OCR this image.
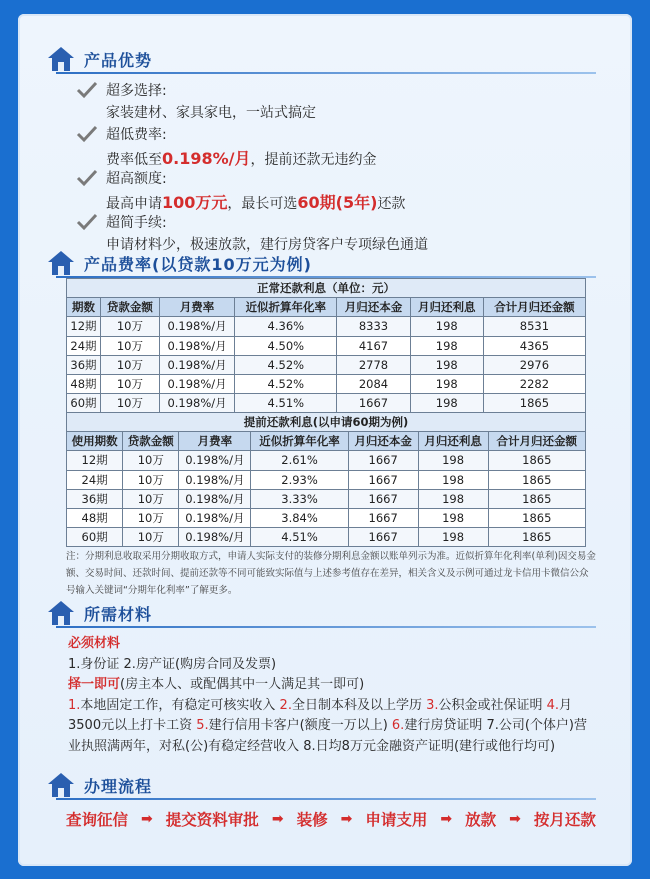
产品优势
超多选择:
家装建材、家具家电，一站式搞定
超低费率:
费率低至0.198%/月，提前还款无违约金
超高额度:
最高申请100万元，最长可选60期(5年)还款
超简手续:
申请材料少，极速放款，建行房贷客户专项绿色通道
产品费率(以贷款10万元为例)
正常还款利息（单位：元）						
期数	贷款金额	月费率	近似折算年化率	月归还本金	月归还利息	合计月归还金额
12期	10万	0.198%/月	4.36%	8333	198	8531
24期	10万	0.198%/月	4.50%	4167	198	4365
36期	10万	0.198%/月	4.52%	2778	198	2976
48期	10万	0.198%/月	4.52%	2084	198	2282
60期	10万	0.198%/月	4.51%	1667	198	1865
提前还款利息(以申请60期为例)						
使用期数	贷款金额	月费率	近似折算年化率	月归还本金	月归还利息	合计月归还金额
12期	10万	0.198%/月	2.61%	1667	198	1865
24期	10万	0.198%/月	2.93%	1667	198	1865
36期	10万	0.198%/月	3.33%	1667	198	1865
48期	10万	0.198%/月	3.84%	1667	198	1865
60期	10万	0.198%/月	4.51%	1667	198	1865
注：分期利息收取采用分期收取方式，申请人实际支付的装修分期利息金额以账单列示为准。近似折算年化利率(单利)因交易金额、交易时间、还款时间、提前还款等不同可能致实际值与上述参考值存在差异，相关含义及示例可通过龙卡信用卡微信公众号输入关键词“分期年化利率”了解更多。
所需材料
必须材料
1.身份证 2.房产证(购房合同及发票)
择一即可(房主本人、或配偶其中一人满足其一即可)
1.本地固定工作，有稳定可核实收入 2.全日制本科及以上学历 3.公积金或社保证明 4.月3500元以上打卡工资 5.建行信用卡客户(额度一万以上) 6.建行房贷证明 7.公司(个体户)营业执照满两年，对私(公)有稳定经营收入 8.日均8万元金融资产证明(建行或他行均可)
办理流程
查询征信 ➡ 提交资料审批 ➡ 装修 ➡ 申请支用 ➡ 放款 ➡ 按月还款
